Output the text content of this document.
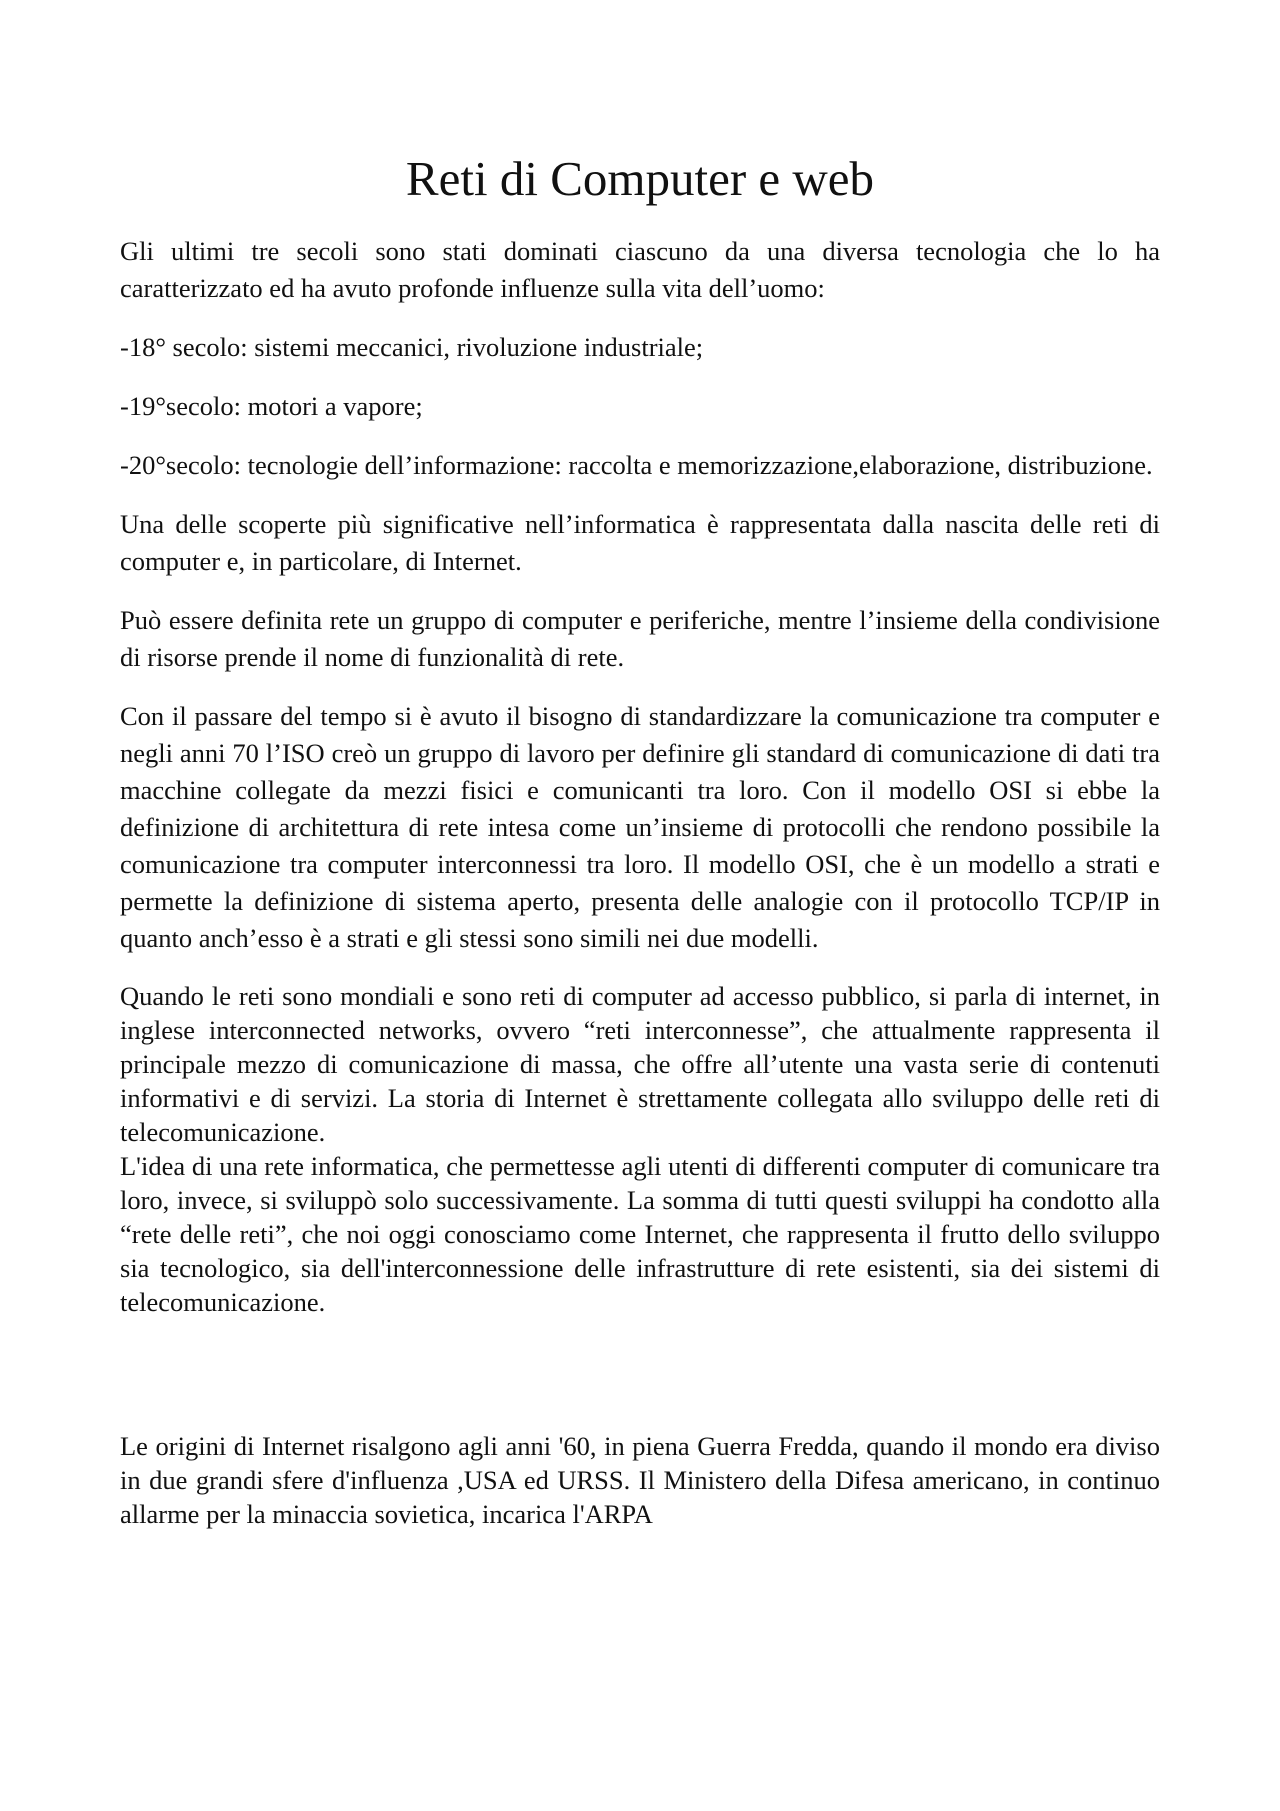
Reti di Computer e web

Gli ultimi tre secoli sono stati dominati ciascuno da una diversa tecnologia che lo ha caratterizzato ed ha avuto profonde influenze sulla vita dell’uomo:

-18° secolo: sistemi meccanici, rivoluzione industriale;

-19°secolo: motori a vapore;

-20°secolo: tecnologie dell’informazione: raccolta e memorizzazione,elaborazione, distribuzione.

Una delle scoperte più significative nell’informatica è rappresentata dalla nascita delle reti di computer e, in particolare, di Internet.

Può essere definita rete un gruppo di computer e periferiche, mentre l’insieme della condivisione di risorse prende il nome di funzionalità di rete.

Con il passare del tempo si è avuto il bisogno di standardizzare la comunicazione tra computer e negli anni 70 l’ISO creò un gruppo di lavoro per definire gli standard di comunicazione di dati tra macchine collegate da mezzi fisici e comunicanti tra loro. Con il modello OSI si ebbe la definizione di architettura di rete intesa come un’insieme di protocolli che rendono possibile la comunicazione tra computer interconnessi tra loro. Il modello OSI, che è un modello a strati e permette la definizione di sistema aperto, presenta delle analogie con il protocollo TCP/IP in quanto anch’esso è a strati e gli stessi sono simili nei due modelli.

Quando le reti sono mondiali e sono reti di computer ad accesso pubblico, si parla di internet, in inglese interconnected networks, ovvero “reti interconnesse”, che attualmente rappresenta il principale mezzo di comunicazione di massa, che offre all’utente una vasta serie di contenuti informativi e di servizi. La storia di Internet è strettamente collegata allo sviluppo delle reti di telecomunicazione.

L'idea di una rete informatica, che permettesse agli utenti di differenti computer di comunicare tra loro, invece, si sviluppò solo successivamente. La somma di tutti questi sviluppi ha condotto alla “rete delle reti”, che noi oggi conosciamo come Internet, che rappresenta il frutto dello sviluppo sia tecnologico, sia dell'interconnessione delle infrastrutture di rete esistenti, sia dei sistemi di telecomunicazione.

Le origini di Internet risalgono agli anni '60, in piena Guerra Fredda, quando il mondo era diviso in due grandi sfere d'influenza ,USA ed URSS. Il Ministero della Difesa americano, in continuo allarme per la minaccia sovietica, incarica l'ARPA
